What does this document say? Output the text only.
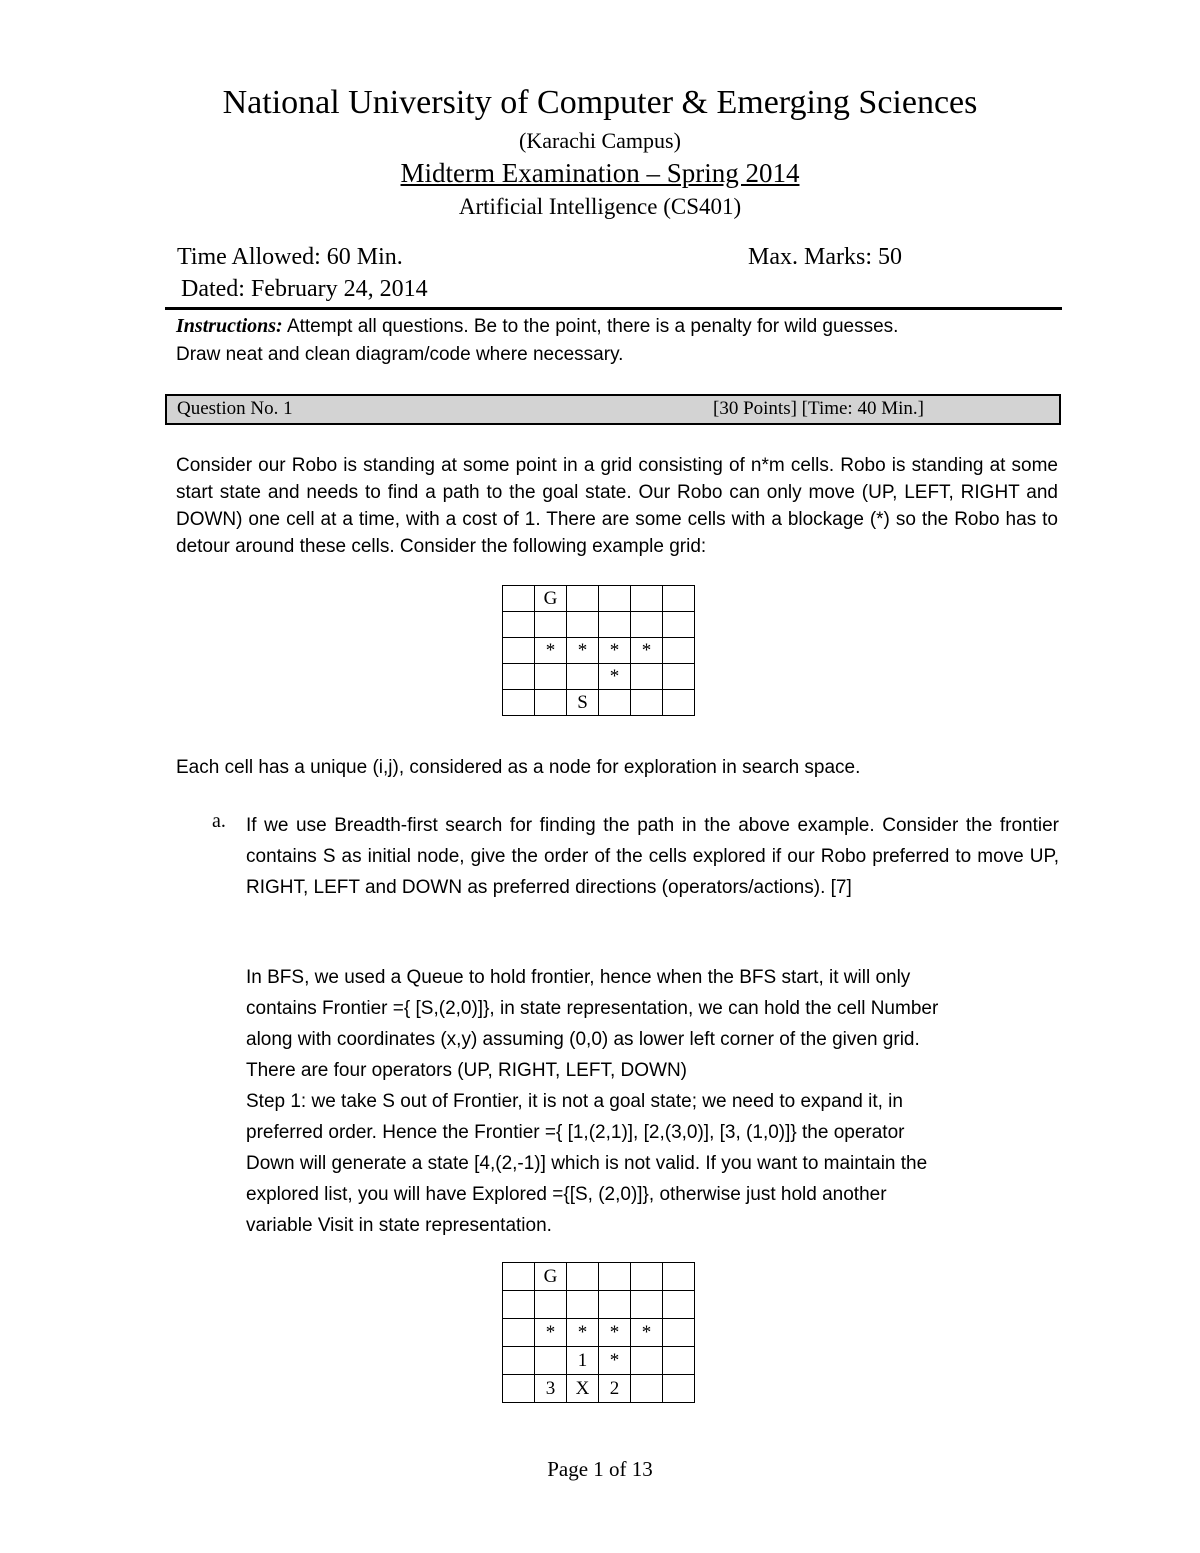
National University of Computer & Emerging Sciences
(Karachi Campus)
Midterm Examination – Spring 2014
Artificial Intelligence (CS401)
Time Allowed: 60 Min.	Max. Marks: 50
Dated: February 24, 2014
Instructions: Attempt all questions. Be to the point, there is a penalty for wild guesses.
Draw neat and clean diagram/code where necessary.
Question No. 1	[30 Points] [Time: 40 Min.]
Consider our Robo is standing at some point in a grid consisting of n*m cells. Robo is standing at some start state and needs to find a path to the goal state. Our Robo can only move (UP, LEFT, RIGHT and DOWN) one cell at a time, with a cost of 1. There are some cells with a blockage (*) so the Robo has to detour around these cells. Consider the following example grid:
	G				

	*	*	*	*	
			*		
		S			
Each cell has a unique (i,j), considered as a node for exploration in search space.
a. If we use Breadth-first search for finding the path in the above example. Consider the frontier contains S as initial node, give the order of the cells explored if our Robo preferred to move UP, RIGHT, LEFT and DOWN as preferred directions (operators/actions). [7]

In BFS, we used a Queue to hold frontier, hence when the BFS start, it will only

contains Frontier ={ [S,(2,0)]}, in state representation, we can hold the cell Number

along with coordinates (x,y) assuming (0,0) as lower left corner of the given grid.

There are four operators (UP, RIGHT, LEFT, DOWN)

Step 1: we take S out of Frontier, it is not a goal state; we need to expand it, in

preferred order. Hence the Frontier ={ [1,(2,1)], [2,(3,0)], [3, (1,0)]} the operator

Down will generate a state [4,(2,-1)] which is not valid. If you want to maintain the

explored list, you will have Explored ={[S, (2,0)]}, otherwise just hold another

variable Visit in state representation.

	G				

	*	*	*	*	
		1	*		
	3	X	2		
Page 1 of 13
